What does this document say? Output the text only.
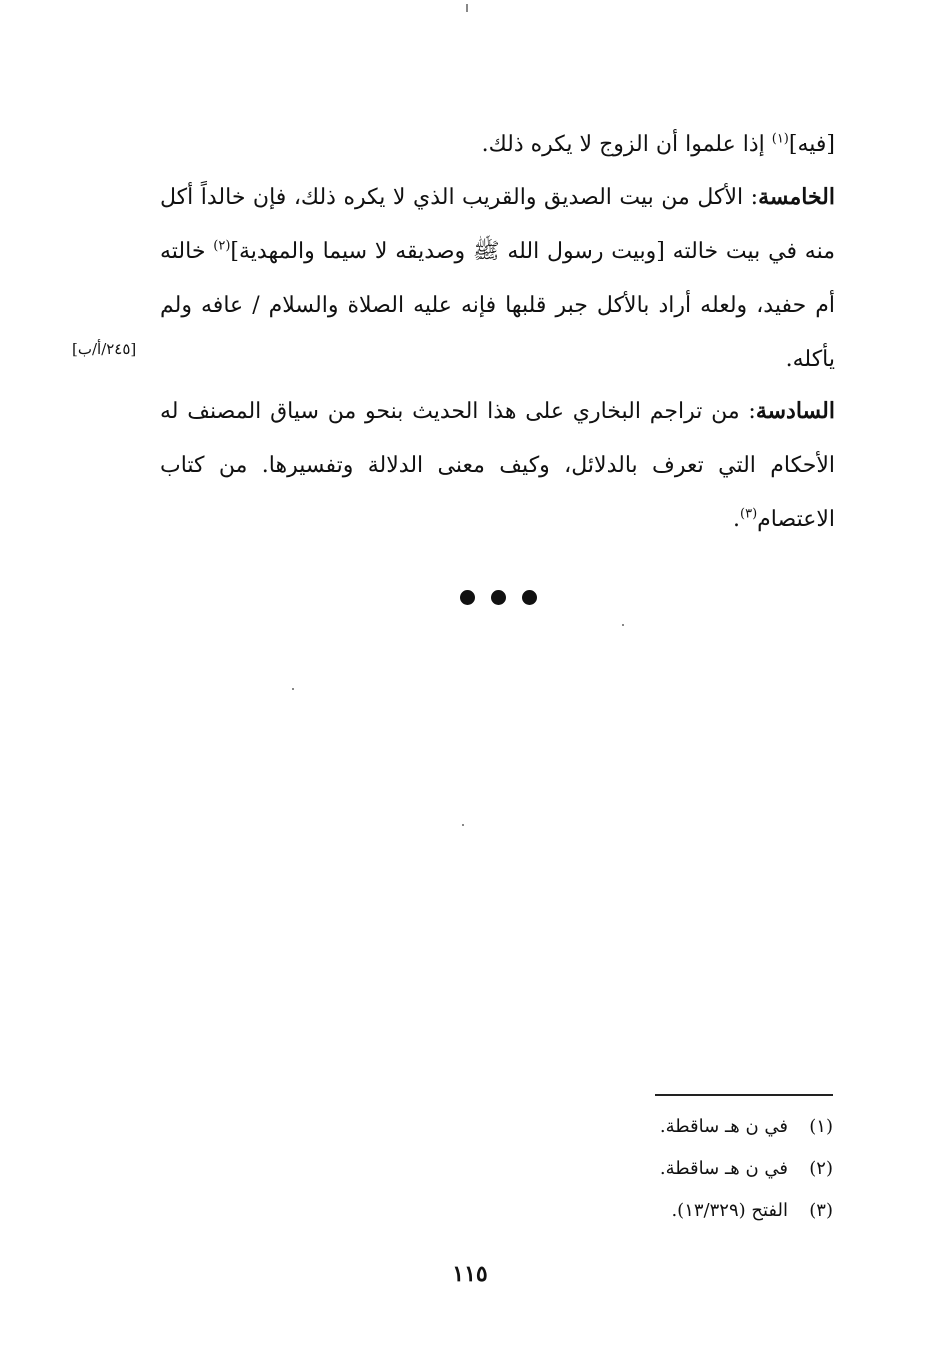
[فيه]$^{(١)}$ إذا علموا أن الزوج لا يكره ذلك.

الخامسة: الأكل من بيت الصديق والقريب الذي لا يكره ذلك، فإن خالداً أكل منه في بيت خالته [وبيت رسول الله ﷺ وصديقه لا سيما والمهدية]$^{(٢)}$ خالته أم حفيد، ولعله أراد بالأكل جبر قلبها فإنه عليه الصلاة والسلام / عافه ولم يأكله.

[٢٤٥/أ/ب]

السادسة: من تراجم البخاري على هذا الحديث بنحو من سياق المصنف له الأحكام التي تعرف بالدلائل، وكيف معنى الدلالة وتفسيرها. من كتاب الاعتصام$^{(٣)}$.

(١)في ن هـ ساقطة.
(٢)في ن هـ ساقطة.
(٣)الفتح (١٣/٣٢٩).
١١٥
